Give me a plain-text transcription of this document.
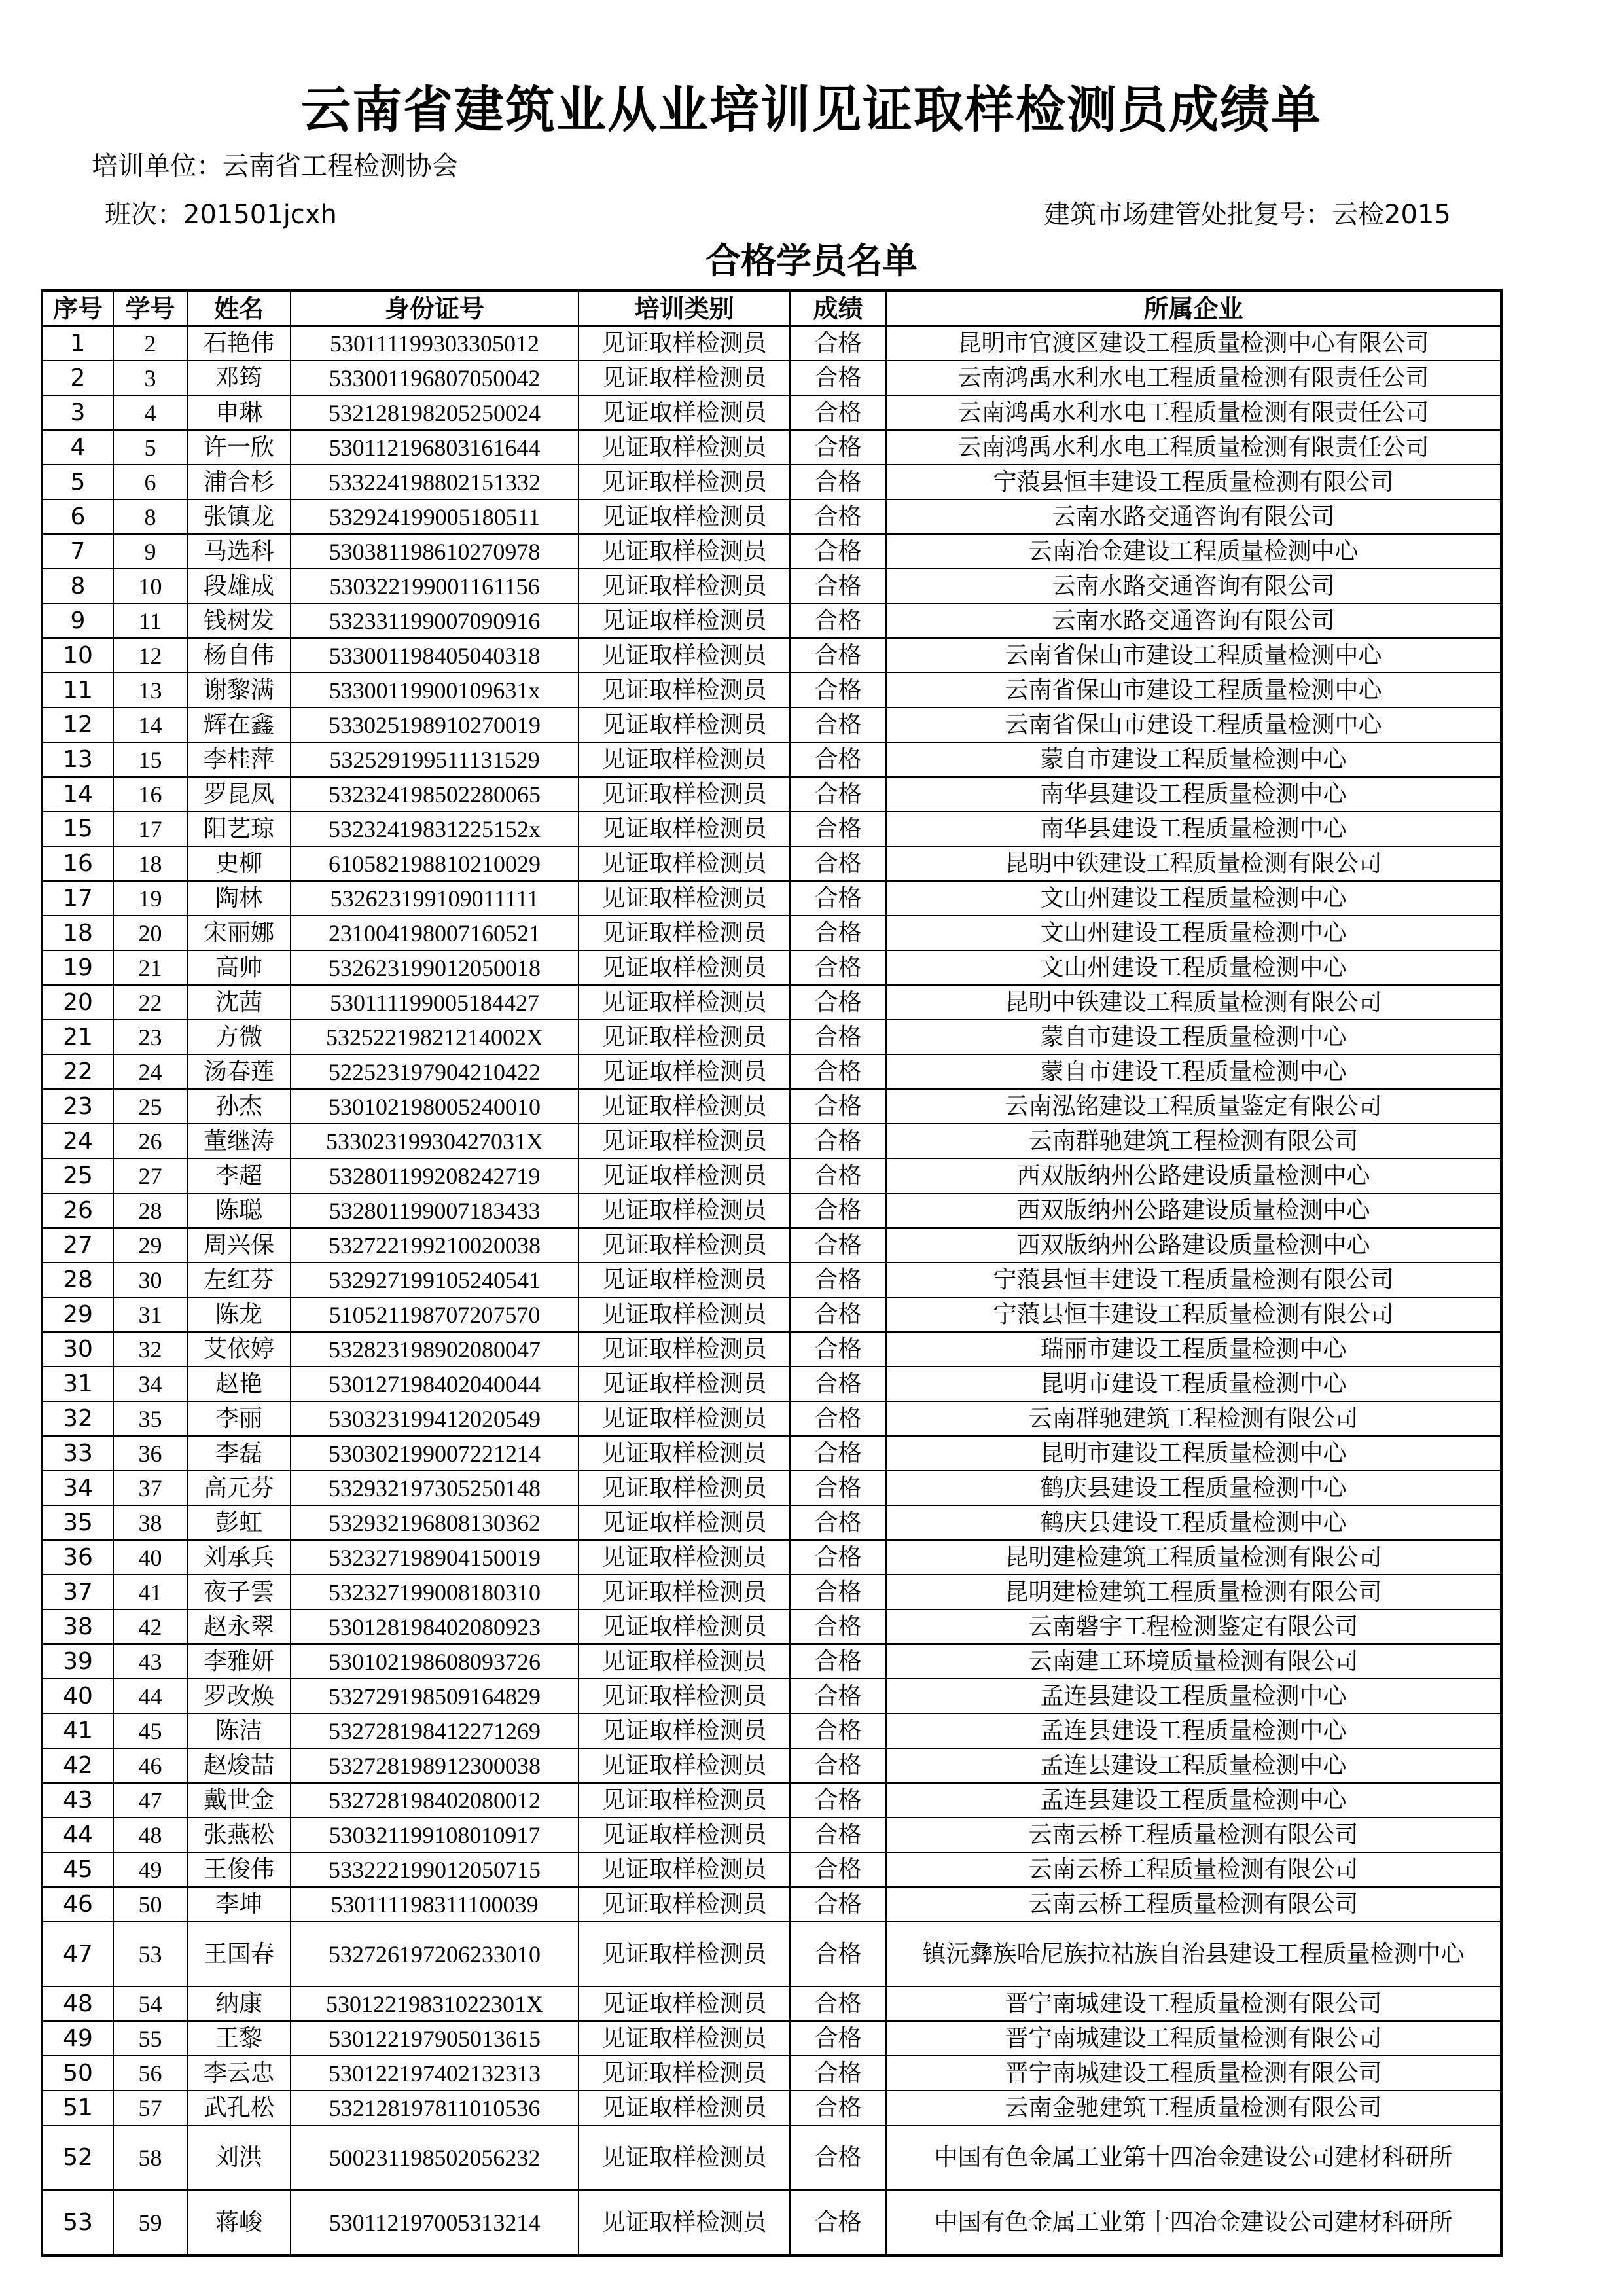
云南省建筑业从业培训见证取样检测员成绩单
培训单位：云南省工程检测协会
班次：201501jcxh	建筑市场建管处批复号：云检2015
合格学员名单
序号	学号	姓名	身份证号	培训类别	成绩	所属企业
1	2	石艳伟	530111199303305012	见证取样检测员	合格	昆明市官渡区建设工程质量检测中心有限公司
2	3	邓筠	533001196807050042	见证取样检测员	合格	云南鸿禹水利水电工程质量检测有限责任公司
3	4	申琳	532128198205250024	见证取样检测员	合格	云南鸿禹水利水电工程质量检测有限责任公司
4	5	许一欣	530112196803161644	见证取样检测员	合格	云南鸿禹水利水电工程质量检测有限责任公司
5	6	浦合杉	533224198802151332	见证取样检测员	合格	宁蒗县恒丰建设工程质量检测有限公司
6	8	张镇龙	532924199005180511	见证取样检测员	合格	云南水路交通咨询有限公司
7	9	马选科	530381198610270978	见证取样检测员	合格	云南冶金建设工程质量检测中心
8	10	段雄成	530322199001161156	见证取样检测员	合格	云南水路交通咨询有限公司
9	11	钱树发	532331199007090916	见证取样检测员	合格	云南水路交通咨询有限公司
10	12	杨自伟	533001198405040318	见证取样检测员	合格	云南省保山市建设工程质量检测中心
11	13	谢黎满	53300119900109631x	见证取样检测员	合格	云南省保山市建设工程质量检测中心
12	14	辉在鑫	533025198910270019	见证取样检测员	合格	云南省保山市建设工程质量检测中心
13	15	李桂萍	532529199511131529	见证取样检测员	合格	蒙自市建设工程质量检测中心
14	16	罗昆凤	532324198502280065	见证取样检测员	合格	南华县建设工程质量检测中心
15	17	阳艺琼	53232419831225152x	见证取样检测员	合格	南华县建设工程质量检测中心
16	18	史柳	610582198810210029	见证取样检测员	合格	昆明中铁建设工程质量检测有限公司
17	19	陶林	532623199109011111	见证取样检测员	合格	文山州建设工程质量检测中心
18	20	宋丽娜	231004198007160521	见证取样检测员	合格	文山州建设工程质量检测中心
19	21	高帅	532623199012050018	见证取样检测员	合格	文山州建设工程质量检测中心
20	22	沈茜	530111199005184427	见证取样检测员	合格	昆明中铁建设工程质量检测有限公司
21	23	方微	53252219821214002X	见证取样检测员	合格	蒙自市建设工程质量检测中心
22	24	汤春莲	522523197904210422	见证取样检测员	合格	蒙自市建设工程质量检测中心
23	25	孙杰	530102198005240010	见证取样检测员	合格	云南泓铭建设工程质量鉴定有限公司
24	26	董继涛	53302319930427031X	见证取样检测员	合格	云南群驰建筑工程检测有限公司
25	27	李超	532801199208242719	见证取样检测员	合格	西双版纳州公路建设质量检测中心
26	28	陈聪	532801199007183433	见证取样检测员	合格	西双版纳州公路建设质量检测中心
27	29	周兴保	532722199210020038	见证取样检测员	合格	西双版纳州公路建设质量检测中心
28	30	左红芬	532927199105240541	见证取样检测员	合格	宁蒗县恒丰建设工程质量检测有限公司
29	31	陈龙	510521198707207570	见证取样检测员	合格	宁蒗县恒丰建设工程质量检测有限公司
30	32	艾依婷	532823198902080047	见证取样检测员	合格	瑞丽市建设工程质量检测中心
31	34	赵艳	530127198402040044	见证取样检测员	合格	昆明市建设工程质量检测中心
32	35	李丽	530323199412020549	见证取样检测员	合格	云南群驰建筑工程检测有限公司
33	36	李磊	530302199007221214	见证取样检测员	合格	昆明市建设工程质量检测中心
34	37	高元芬	532932197305250148	见证取样检测员	合格	鹤庆县建设工程质量检测中心
35	38	彭虹	532932196808130362	见证取样检测员	合格	鹤庆县建设工程质量检测中心
36	40	刘承兵	532327198904150019	见证取样检测员	合格	昆明建检建筑工程质量检测有限公司
37	41	夜子雲	532327199008180310	见证取样检测员	合格	昆明建检建筑工程质量检测有限公司
38	42	赵永翠	530128198402080923	见证取样检测员	合格	云南磐宇工程检测鉴定有限公司
39	43	李雅妍	530102198608093726	见证取样检测员	合格	云南建工环境质量检测有限公司
40	44	罗改焕	532729198509164829	见证取样检测员	合格	孟连县建设工程质量检测中心
41	45	陈洁	532728198412271269	见证取样检测员	合格	孟连县建设工程质量检测中心
42	46	赵焌喆	532728198912300038	见证取样检测员	合格	孟连县建设工程质量检测中心
43	47	戴世金	532728198402080012	见证取样检测员	合格	孟连县建设工程质量检测中心
44	48	张燕松	530321199108010917	见证取样检测员	合格	云南云桥工程质量检测有限公司
45	49	王俊伟	533222199012050715	见证取样检测员	合格	云南云桥工程质量检测有限公司
46	50	李坤	530111198311100039	见证取样检测员	合格	云南云桥工程质量检测有限公司
47	53	王国春	532726197206233010	见证取样检测员	合格	镇沅彝族哈尼族拉祜族自治县建设工程质量检测中心
48	54	纳康	53012219831022301X	见证取样检测员	合格	晋宁南城建设工程质量检测有限公司
49	55	王黎	530122197905013615	见证取样检测员	合格	晋宁南城建设工程质量检测有限公司
50	56	李云忠	530122197402132313	见证取样检测员	合格	晋宁南城建设工程质量检测有限公司
51	57	武孔松	532128197811010536	见证取样检测员	合格	云南金驰建筑工程质量检测有限公司
52	58	刘洪	500231198502056232	见证取样检测员	合格	中国有色金属工业第十四冶金建设公司建材科研所
53	59	蒋峻	530112197005313214	见证取样检测员	合格	中国有色金属工业第十四冶金建设公司建材科研所
